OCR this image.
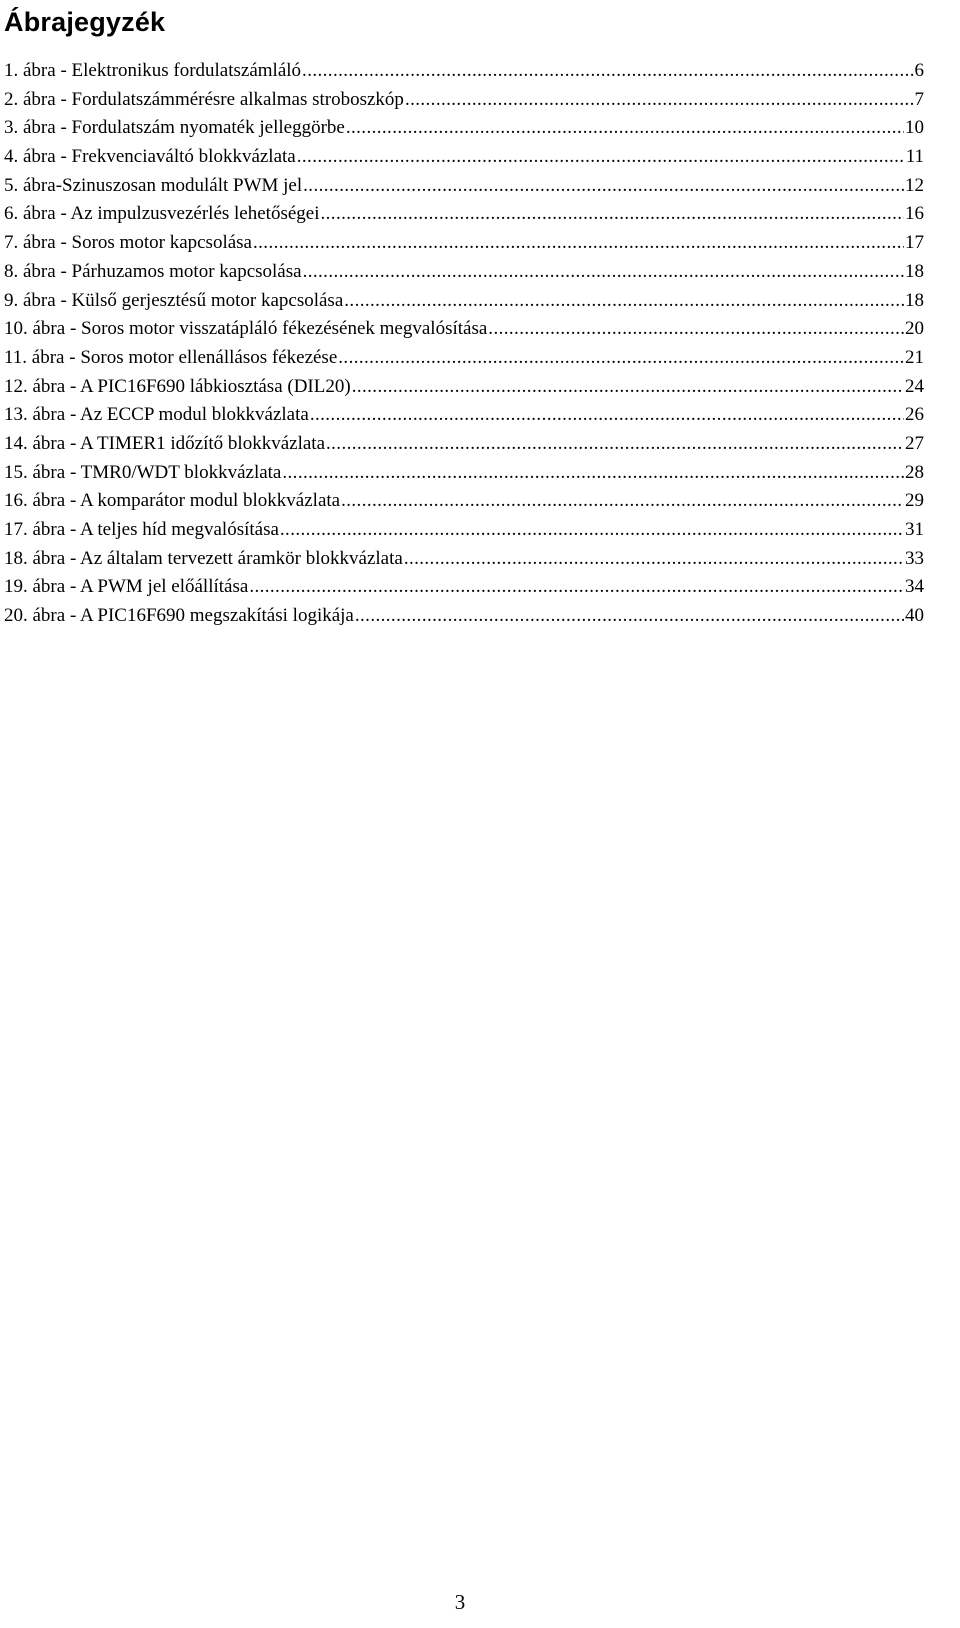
Ábrajegyzék
1. ábra - Elektronikus fordulatszámláló .....	6
2. ábra - Fordulatszámmérésre alkalmas stroboszkóp .....	7
3. ábra - Fordulatszám nyomaték jelleggörbe .....	10
4. ábra - Frekvenciaváltó blokkvázlata .....	11
5. ábra-Szinuszosan modulált PWM jel .....	12
6. ábra - Az impulzusvezérlés lehetőségei .....	16
7. ábra - Soros motor kapcsolása .....	17
8. ábra - Párhuzamos motor kapcsolása .....	18
9. ábra - Külső gerjesztésű motor kapcsolása .....	18
10. ábra - Soros motor visszatápláló fékezésének megvalósítása .....	20
11. ábra - Soros motor ellenállásos fékezése .....	21
12. ábra - A PIC16F690 lábkiosztása (DIL20) .....	24
13. ábra - Az ECCP modul blokkvázlata .....	26
14. ábra - A TIMER1 időzítő blokkvázlata .....	27
15. ábra - TMR0/WDT blokkvázlata .....	28
16. ábra - A komparátor modul blokkvázlata .....	29
17. ábra - A teljes híd megvalósítása .....	31
18. ábra - Az általam tervezett áramkör blokkvázlata .....	33
19. ábra - A PWM jel előállítása .....	34
20. ábra - A PIC16F690 megszakítási logikája .....	40
3
